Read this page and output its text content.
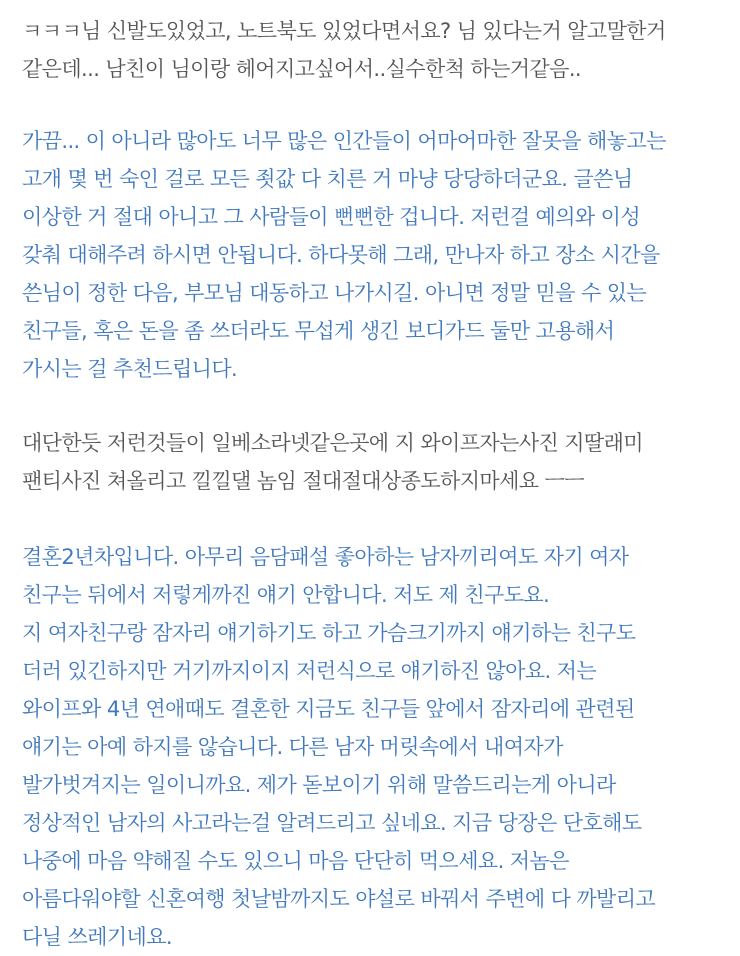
ㅋㅋㅋ님 신발도있었고, 노트북도 있었다면서요? 님 있다는거 알고말한거
같은데... 남친이 님이랑 헤어지고싶어서..실수한척 하는거같음..
가끔... 이 아니라 많아도 너무 많은 인간들이 어마어마한 잘못을 해놓고는
고개 몇 번 숙인 걸로 모든 죗값 다 치른 거 마냥 당당하더군요. 글쓴님
이상한 거 절대 아니고 그 사람들이 뻔뻔한 겁니다. 저런걸 예의와 이성
갖춰 대해주려 하시면 안됩니다. 하다못해 그래, 만나자 하고 장소 시간을
쓴님이 정한 다음, 부모님 대동하고 나가시길. 아니면 정말 믿을 수 있는
친구들, 혹은 돈을 좀 쓰더라도 무섭게 생긴 보디가드 둘만 고용해서
가시는 걸 추천드립니다.
대단한듯 저런것들이 일베소라넷같은곳에 지 와이프자는사진 지딸래미
팬티사진 쳐올리고 낄낄댈 놈임 절대절대상종도하지마세요 ㅡㅡ
결혼2년차입니다. 아무리 음담패설 좋아하는 남자끼리여도 자기 여자
친구는 뒤에서 저렇게까진 얘기 안합니다. 저도 제 친구도요.
지 여자친구랑 잠자리 얘기하기도 하고 가슴크기까지 얘기하는 친구도
더러 있긴하지만 거기까지이지 저런식으로 얘기하진 않아요. 저는
와이프와 4년 연애때도 결혼한 지금도 친구들 앞에서 잠자리에 관련된
얘기는 아예 하지를 않습니다. 다른 남자 머릿속에서 내여자가
발가벗겨지는 일이니까요. 제가 돋보이기 위해 말씀드리는게 아니라
정상적인 남자의 사고라는걸 알려드리고 싶네요. 지금 당장은 단호해도
나중에 마음 약해질 수도 있으니 마음 단단히 먹으세요. 저놈은
아름다워야할 신혼여행 첫날밤까지도 야설로 바꿔서 주변에 다 까발리고
다닐 쓰레기네요.
